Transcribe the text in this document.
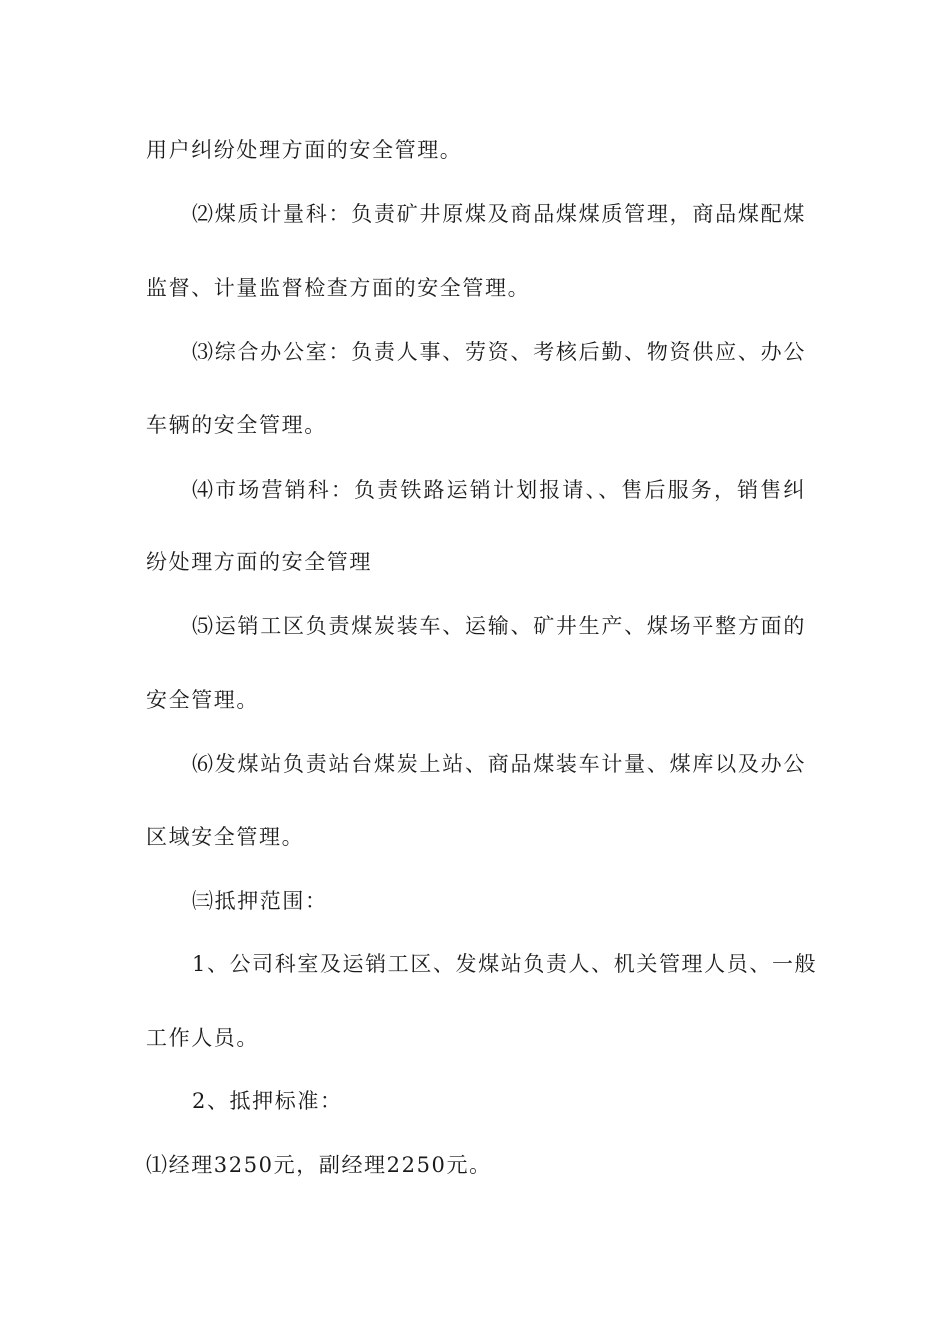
用户纠纷处理方面的安全管理。
⑵煤质计量科：负责矿井原煤及商品煤煤质管理，商品煤配煤
监督、计量监督检查方面的安全管理。
⑶综合办公室：负责人事、劳资、考核后勤、物资供应、办公
车辆的安全管理。
⑷市场营销科：负责铁路运销计划报请、、售后服务，销售纠
纷处理方面的安全管理
⑸运销工区负责煤炭装车、运输、矿井生产、煤场平整方面的
安全管理。
⑹发煤站负责站台煤炭上站、商品煤装车计量、煤库以及办公
区域安全管理。
㈢抵押范围：
1、公司科室及运销工区、发煤站负责人、机关管理人员、一般
工作人员。
2、抵押标准：
⑴经理3250元，副经理2250元。
